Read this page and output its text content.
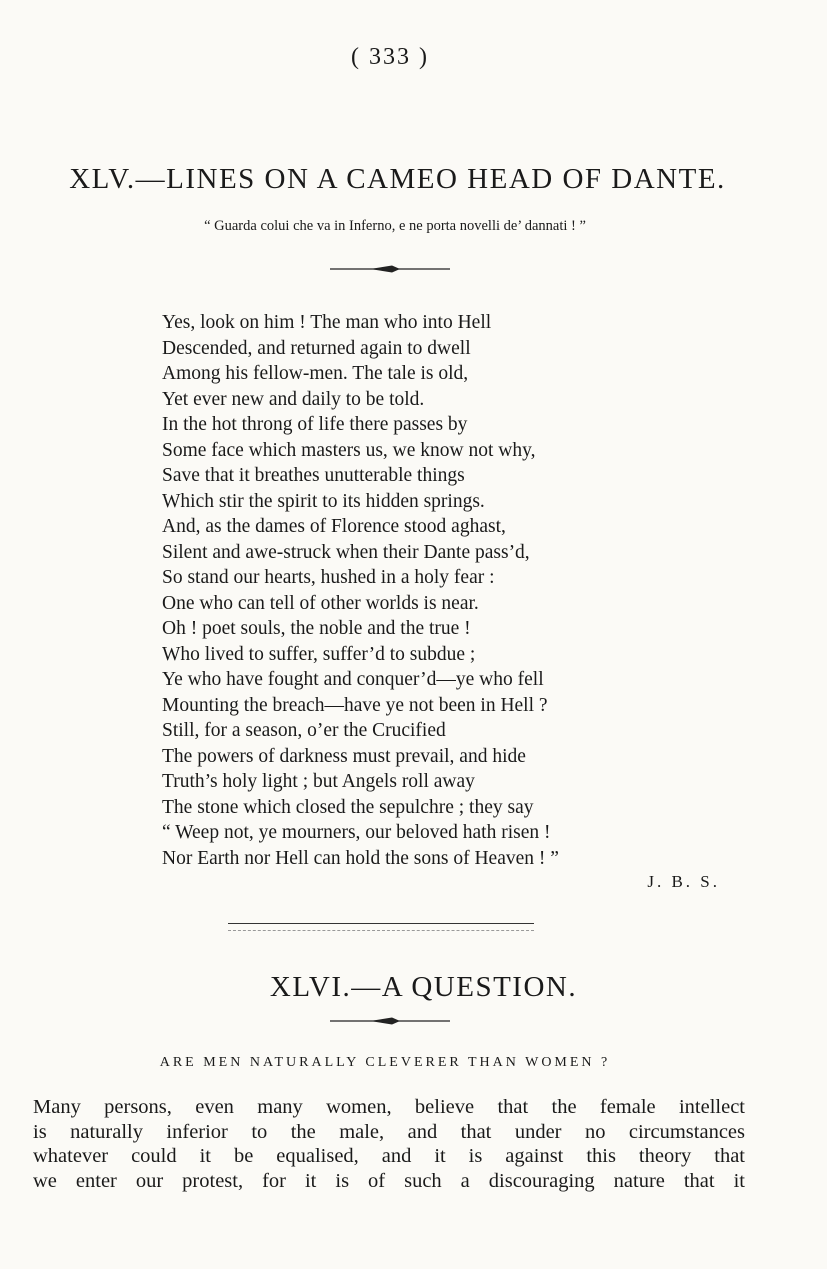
( 333 )
XLV.—LINES ON A CAMEO HEAD OF DANTE.
“ Guarda colui che va in Inferno, e ne porta novelli de’ dannati ! ”
Yes, look on him ! The man who into Hell
Descended, and returned again to dwell
Among his fellow-men. The tale is old,
Yet ever new and daily to be told.
In the hot throng of life there passes by
Some face which masters us, we know not why,
Save that it breathes unutterable things
Which stir the spirit to its hidden springs.
And, as the dames of Florence stood aghast,
Silent and awe-struck when their Dante pass’d,
So stand our hearts, hushed in a holy fear :
One who can tell of other worlds is near.
Oh ! poet souls, the noble and the true !
Who lived to suffer, suffer’d to subdue ;
Ye who have fought and conquer’d—ye who fell
Mounting the breach—have ye not been in Hell ?
Still, for a season, o’er the Crucified
The powers of darkness must prevail, and hide
Truth’s holy light ; but Angels roll away
The stone which closed the sepulchre ; they say
“ Weep not, ye mourners, our beloved hath risen !
Nor Earth nor Hell can hold the sons of Heaven ! ”
J. B. S.
XLVI.—A QUESTION.
ARE MEN NATURALLY CLEVERER THAN WOMEN ?
Many persons, even many women, believe that the female intellect
is naturally inferior to the male, and that under no circumstances
whatever could it be equalised, and it is against this theory that
we enter our protest, for it is of such a discouraging nature that it
